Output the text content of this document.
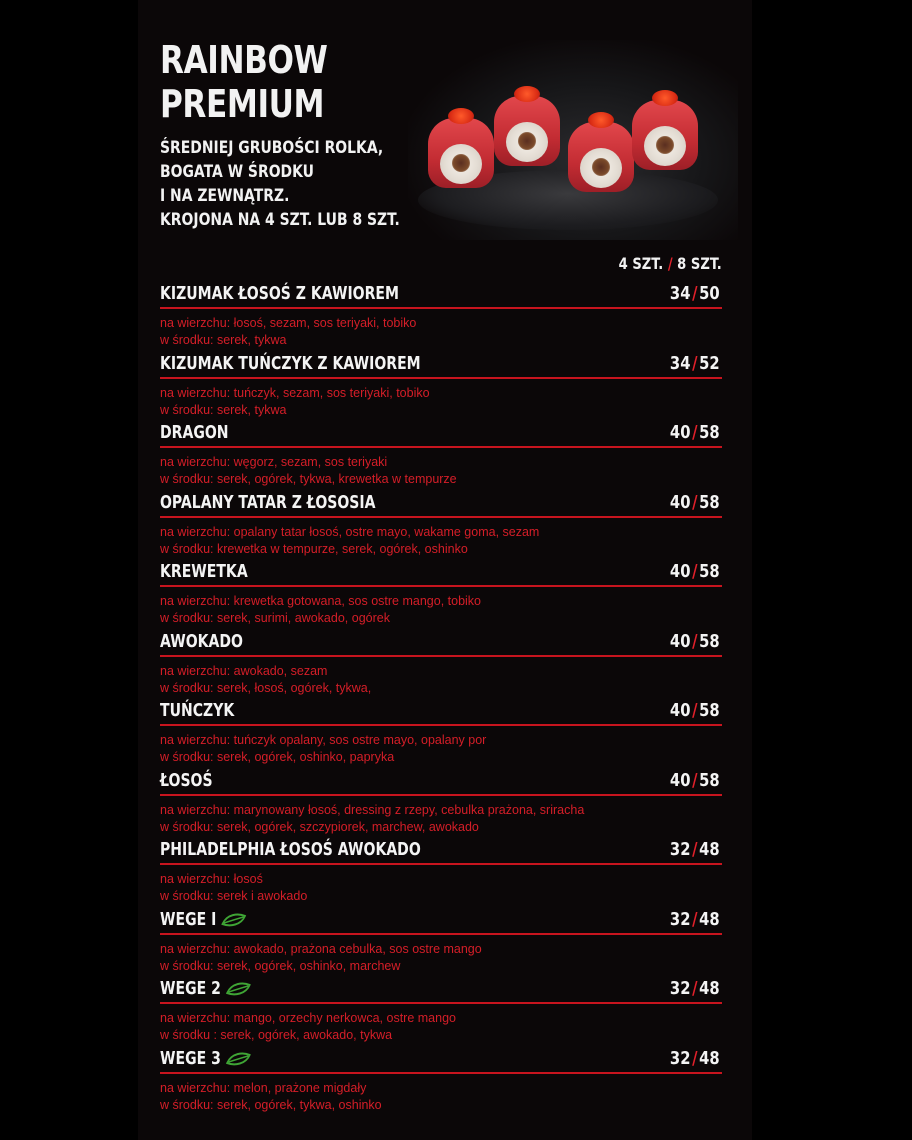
RAINBOW
PREMIUM
ŚREDNIEJ GRUBOŚCI ROLKA,
BOGATA W ŚRODKU
I NA ZEWNĄTRZ.
KROJONA NA 4 SZT. LUB 8 SZT.
4 SZT. / 8 SZT.
KIZUMAK ŁOSOŚ Z KAWIOREM	34/50
na wierzchu: łosoś, sezam, sos teriyaki, tobiko
w środku: serek, tykwa
KIZUMAK TUŃCZYK Z KAWIOREM	34/52
na wierzchu: tuńczyk, sezam, sos teriyaki, tobiko
w środku: serek, tykwa
DRAGON	40/58
na wierzchu: węgorz, sezam, sos teriyaki
w środku: serek, ogórek, tykwa, krewetka w tempurze
OPALANY TATAR Z ŁOSOSIA	40/58
na wierzchu: opalany tatar łosoś, ostre mayo, wakame goma, sezam
w środku: krewetka w tempurze, serek, ogórek, oshinko
KREWETKA	40/58
na wierzchu: krewetka gotowana, sos ostre mango, tobiko
w środku: serek, surimi, awokado, ogórek
AWOKADO	40/58
na wierzchu: awokado, sezam
w środku: serek, łosoś, ogórek, tykwa,
TUŃCZYK	40/58
na wierzchu: tuńczyk opalany, sos ostre mayo, opalany por
w środku: serek, ogórek, oshinko, papryka
ŁOSOŚ	40/58
na wierzchu: marynowany łosoś, dressing z rzepy, cebulka prażona, sriracha
w środku: serek, ogórek, szczypiorek, marchew, awokado
PHILADELPHIA ŁOSOŚ AWOKADO	32/48
na wierzchu: łosoś
w środku: serek i awokado
WEGE I	32/48
na wierzchu: awokado, prażona cebulka, sos ostre mango
w środku: serek, ogórek, oshinko, marchew
WEGE 2	32/48
na wierzchu: mango, orzechy nerkowca, ostre mango
w środku : serek, ogórek, awokado, tykwa
WEGE 3	32/48
na wierzchu: melon, prażone migdały
w środku: serek, ogórek, tykwa, oshinko
